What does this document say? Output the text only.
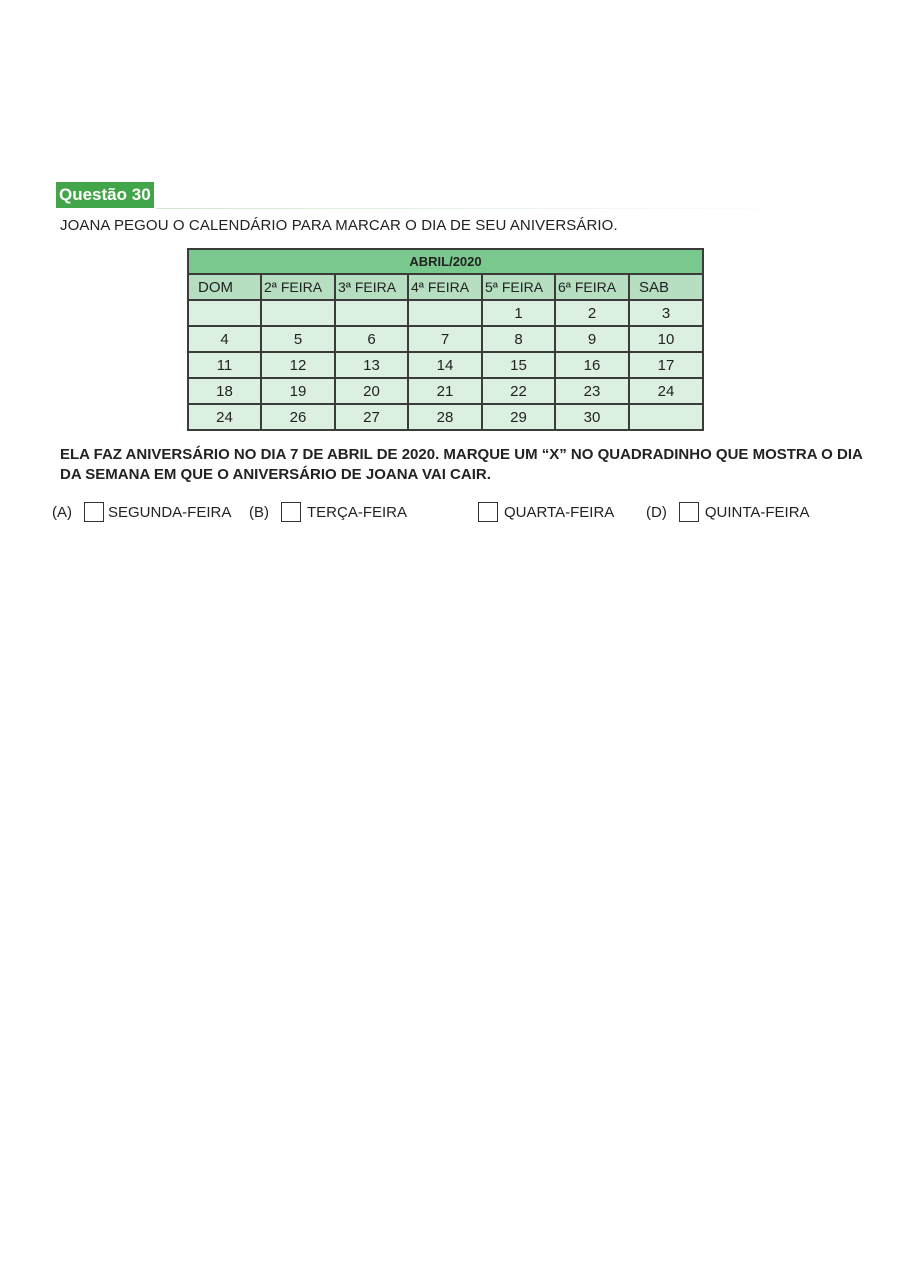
Questão 30
JOANA PEGOU O CALENDÁRIO PARA MARCAR O DIA DE SEU ANIVERSÁRIO.
ABRIL/2020						
DOM	2ª FEIRA	3ª FEIRA	4ª FEIRA	5ª FEIRA	6ª FEIRA	SAB
				1	2	3
4	5	6	7	8	9	10
11	12	13	14	15	16	17
18	19	20	21	22	23	24
24	26	27	28	29	30	
ELA FAZ ANIVERSÁRIO NO DIA 7 DE ABRIL DE 2020. MARQUE UM “X” NO QUADRADINHO QUE MOSTRA O DIA DA SEMANA EM QUE O ANIVERSÁRIO DE JOANA VAI CAIR.
(A) SEGUNDA-FEIRA (B)	TERÇA-FEIRA	QUARTA-FEIRA (D)	QUINTA-FEIRA
